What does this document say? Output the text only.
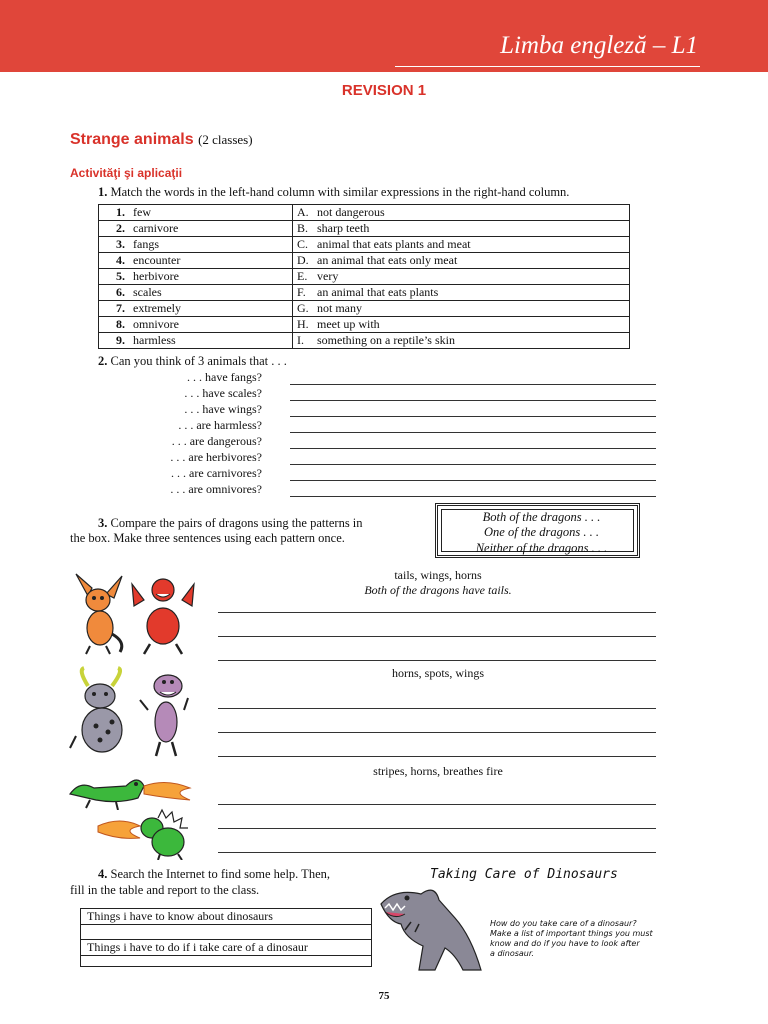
Limba engleză – L1
REVISION 1
Strange animals (2 classes)
Activităţi şi aplicaţii
1. Match the words in the left-hand column with similar expressions in the right-hand column.
1. few	A. not dangerous
2. carnivore	B. sharp teeth
3. fangs	C. animal that eats plants and meat
4. encounter	D. an animal that eats only meat
5. herbivore	E. very
6. scales	F. an animal that eats plants
7. extremely	G. not many
8. omnivore	H. meet up with
9. harmless	I. something on a reptile’s skin
2. Can you think of 3 animals that . . .
. . . have fangs?
. . . have scales?
. . . have wings?
. . . are harmless?
. . . are dangerous?
. . . are herbivores?
. . . are carnivores?
. . . are omnivores?
3. Compare the pairs of dragons using the patterns in
the box. Make three sentences using each pattern once.
Both of the dragons . . .
One of the dragons . . .
Neither of the dragons . . .
tails, wings, horns
Both of the dragons have tails.
horns, spots, wings
stripes, horns, breathes fire
4. Search the Internet to find some help. Then,
fill in the table and report to the class.
Things i have to know about dinosaurs

Things i have to do if i take care of a dinosaur

Taking Care of Dinosaurs
How do you take care of a dinosaur?
Make a list of important things you must
know and do if you have to look after
a dinosaur.
75
